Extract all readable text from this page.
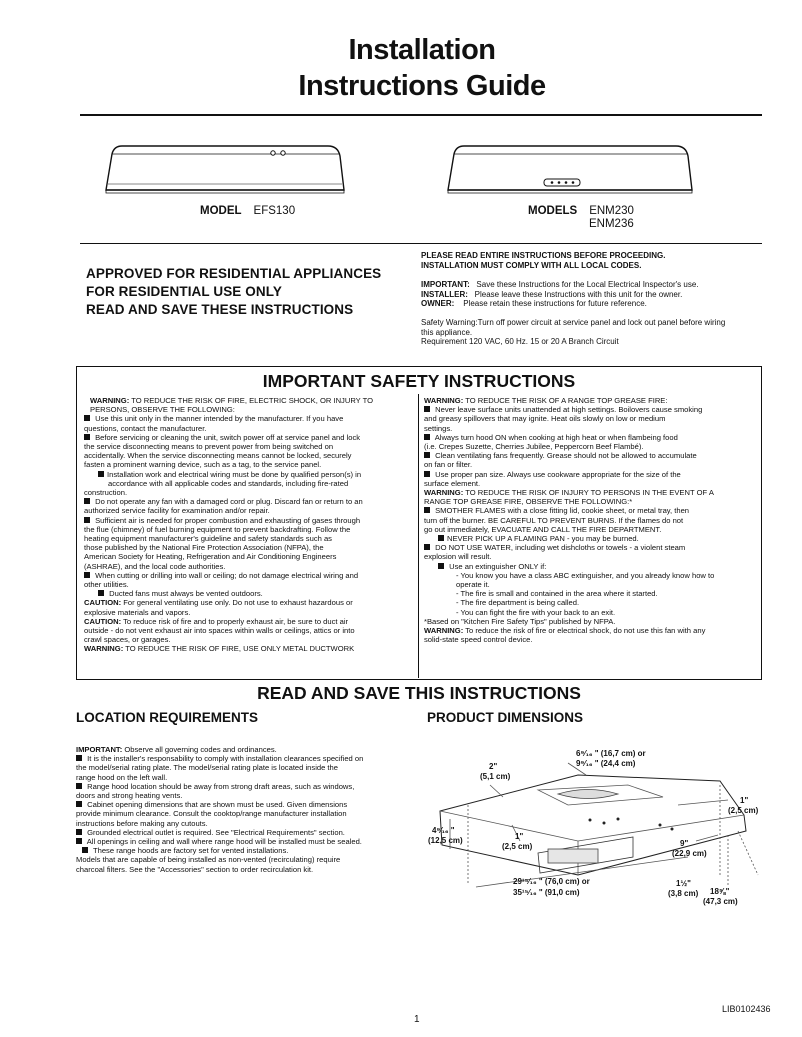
Installation
Instructions Guide
MODEL EFS130	MODELS ENM230
ENM236
APPROVED FOR RESIDENTIAL APPLIANCES
FOR RESIDENTIAL USE ONLY
READ AND SAVE THESE INSTRUCTIONS
PLEASE READ ENTIRE INSTRUCTIONS BEFORE PROCEEDING.
INSTALLATION MUST COMPLY WITH ALL LOCAL CODES.
IMPORTANT: Save these Instructions for the Local Electrical Inspector's use.
INSTALLER: Please leave these Instructions with this unit for the owner.
OWNER: Please retain these instructions for future reference.
Safety Warning:Turn off power circuit at service panel and lock out panel before wiring
this appliance.
Requirement 120 VAC, 60 Hz. 15 or 20 A Branch Circuit
IMPORTANT SAFETY INSTRUCTIONS

WARNING: TO REDUCE THE RISK OF FIRE, ELECTRIC SHOCK, OR INJURY TO

PERSONS, OBSERVE THE FOLLOWING:

Use this unit only in the manner intended by the manufacturer. If you have

questions, contact the manufacturer.

Before servicing or cleaning the unit, switch power off at service panel and lock

the service disconnecting means to prevent power from being switched on

accidentally. When the service disconnecting means cannot be locked, securely

fasten a prominent warning device, such as a tag, to the service panel.

Installation work and electrical wiring must be done by qualified person(s) in

accordance with all applicable codes and standards, including fire-rated

construction.

Do not operate any fan with a damaged cord or plug. Discard fan or return to an

authorized service facility for examination and/or repair.

Sufficient air is needed for proper combustion and exhausting of gases through

the flue (chimney) of fuel burning equipment to prevent backdrafting. Follow the

heating equipment manufacturer's guideline and safety standards such as

those published by the National Fire Protection Association (NFPA), the

American Society for Heating, Refrigeration and Air Conditioning Engineers

(ASHRAE), and the local code authorities.

When cutting or drilling into wall or ceiling; do not damage electrical wiring and

other utilities.

Ducted fans must always be vented outdoors.

CAUTION: For general ventilating use only. Do not use to exhaust hazardous or

explosive materials and vapors.

CAUTION: To reduce risk of fire and to properly exhaust air, be sure to duct air

outside - do not vent exhaust air into spaces within walls or ceilings, attics or into

crawl spaces, or garages.

WARNING: TO REDUCE THE RISK OF FIRE, USE ONLY METAL DUCTWORK

WARNING: TO REDUCE THE RISK OF A RANGE TOP GREASE FIRE:

Never leave surface units unattended at high settings. Boilovers cause smoking

and greasy spillovers that may ignite. Heat oils slowly on low or medium

settings.

Always turn hood ON when cooking at high heat or when flambeing food

(i.e. Crepes Suzette, Cherries Jubilee, Peppercorn Beef Flambé).

Clean ventilating fans frequently. Grease should not be allowed to accumulate

on fan or filter.

Use proper pan size. Always use cookware appropriate for the size of the

surface element.

WARNING: TO REDUCE THE RISK OF INJURY TO PERSONS IN THE EVENT OF A

RANGE TOP GREASE FIRE, OBSERVE THE FOLLOWING:*

SMOTHER FLAMES with a close fitting lid, cookie sheet, or metal tray, then

turn off the burner. BE CAREFUL TO PREVENT BURNS. If the flames do not

go out immediately, EVACUATE AND CALL THE FIRE DEPARTMENT.

NEVER PICK UP A FLAMING PAN - you may be burned.

DO NOT USE WATER, including wet dishcloths or towels - a violent steam

explosion will result.

Use an extinguisher ONLY if:

- You know you have a class ABC extinguisher, and you already know how to

operate it.

- The fire is small and contained in the area where it started.

- The fire department is being called.

- You can fight the fire with your back to an exit.

*Based on "Kitchen Fire Safety Tips" published by NFPA.

WARNING: To reduce the risk of fire or electrical shock, do not use this fan with any

solid-state speed control device.

READ AND SAVE THIS INSTRUCTIONS
LOCATION REQUIREMENTS

IMPORTANT: Observe all governing codes and ordinances.

It is the installer's responsability to comply with installation clearances specified on

the model/serial rating plate. The model/serial rating plate is located inside the

range hood on the left wall.

Range hood location should be away from strong draft areas, such as windows,

doors and strong heating vents.

Cabinet opening dimensions that are shown must be used. Given dimensions

provide minimum clearance. Consult the cooktop/range manufacturer installation

instructions before making any cutouts.

Grounded electrical outlet is required. See "Electrical Requirements" section.

All openings in ceiling and wall where range hood will be installed must be sealed.

These range hoods are factory set for vented installations.

Models that are capable of being installed as non-vented (recirculating) require

charcoal filters. See the "Accessories" section to order recirculation kit.

PRODUCT DIMENSIONS
6⁹⁄₁₆ " (16,7 cm) or
9⁹⁄₁₆ " (24,4 cm)
2"
(5,1 cm)
1"
(2,5 cm)
4⁹⁄₁₆ "
(12,5 cm)	1"
(2,5 cm)	9"
(22,9 cm)
29¹⁵⁄₁₆ " (76,0 cm) or
35¹⁵⁄₁₆ " (91,0 cm)
1½"
(3,8 cm) 18⅝"
(47,3 cm)
LIB0102436
1
